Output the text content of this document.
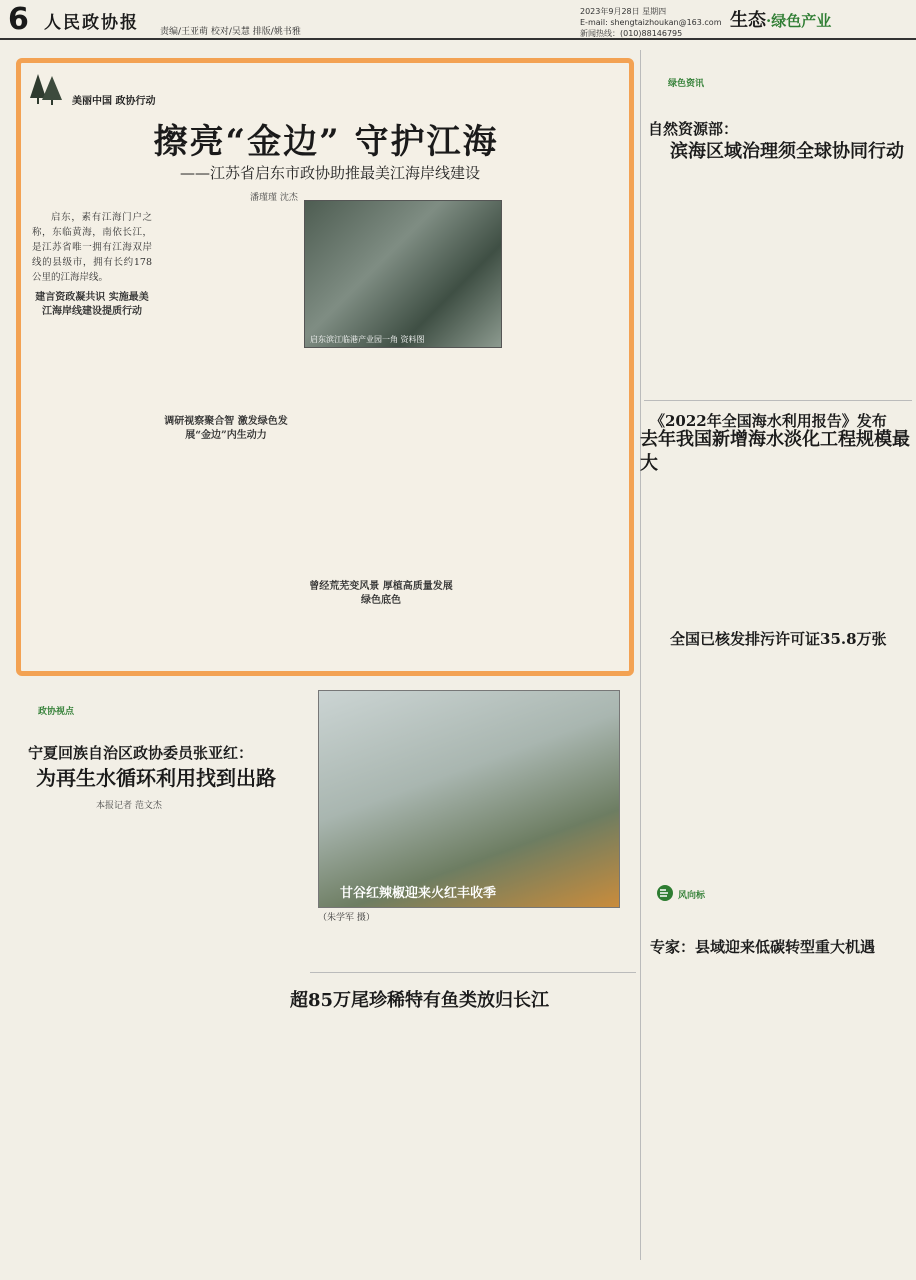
6 人民政协报 责编/王亚萌 校对/吴慧 排版/姚书雅
2023年9月28日 星期四
E-mail: shengtaizhoukan@163.com
新闻热线：(010)88146795
生态·绿色产业
美丽中国 政协行动
擦亮“金边” 守护江海
——江苏省启东市政协助推最美江海岸线建设
潘瑾瑾 沈杰
启东滨江临港产业园一角 资料图

启东，素有江海门户之称，东临黄海，南依长江，是江苏省唯一拥有江海双岸线的县级市，拥有长约178公里的江海岸线。

建言资政凝共识 实施最美江海岸线建设提质行动
调研视察聚合智 激发绿色发展“金边”内生动力
曾经荒芜变风景 厚植高质量发展绿色底色
绿色资讯
自然资源部：
滨海区域治理须全球协同行动
《2022年全国海水利用报告》发布
去年我国新增海水淡化工程规模最大
全国已核发排污许可证35.8万张
风向标
专家：县域迎来低碳转型重大机遇
政协视点
宁夏回族自治区政协委员张亚红：
为再生水循环利用找到出路
本报记者 范文杰
甘谷红辣椒迎来火红丰收季
（朱学军 摄）
超85万尾珍稀特有鱼类放归长江
